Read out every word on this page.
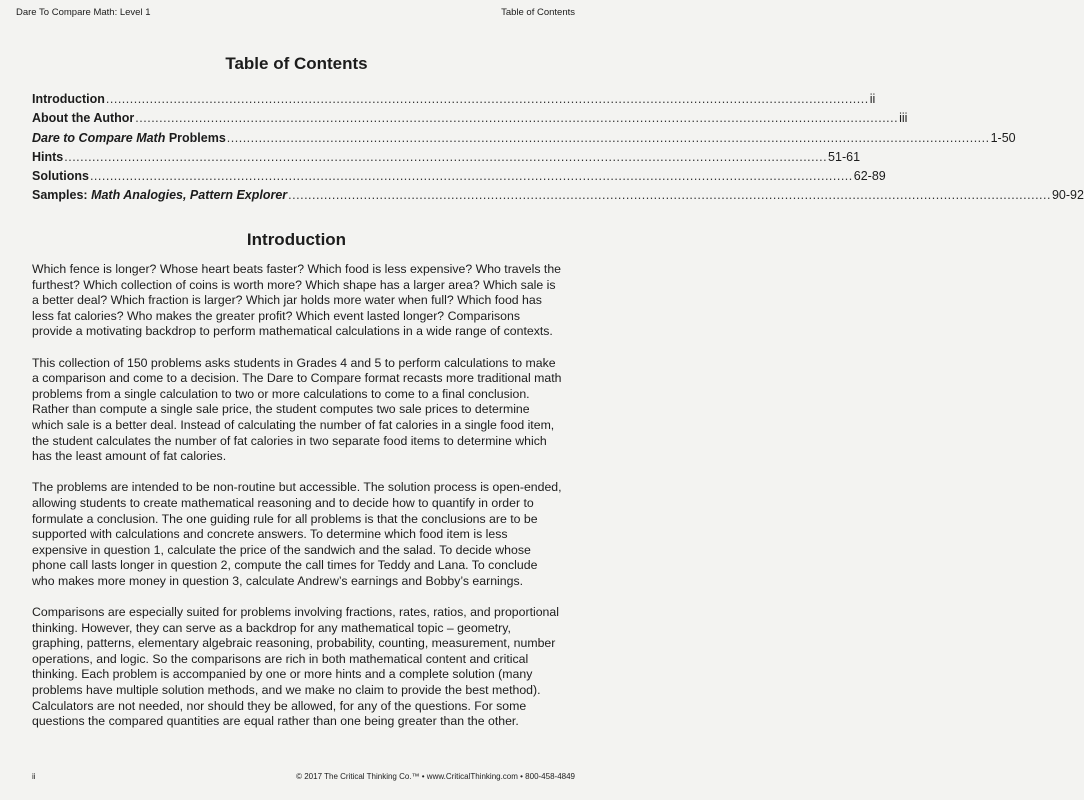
Dare To Compare Math: Level 1	Table of Contents
Table of Contents
Introduction ................................................................................................................................................................................................ ii
About the Author ................................................................................................................................................................................................ iii
Dare to Compare Math Problems ................................................................................................................................................................................................ 1-50
Hints ................................................................................................................................................................................................ 51-61
Solutions ................................................................................................................................................................................................ 62-89
Samples: Math Analogies, Pattern Explorer ................................................................................................................................................................................................ 90-92
Introduction

Which fence is longer? Whose heart beats faster? Which food is less expensive? Who travels the furthest? Which collection of coins is worth more? Which shape has a larger area? Which sale is a better deal? Which fraction is larger? Which jar holds more water when full? Which food has less fat calories? Who makes the greater profit? Which event lasted longer? Comparisons provide a motivating backdrop to perform mathematical calculations in a wide range of contexts.

This collection of 150 problems asks students in Grades 4 and 5 to perform calculations to make a comparison and come to a decision. The Dare to Compare format recasts more traditional math problems from a single calculation to two or more calculations to come to a final conclusion. Rather than compute a single sale price, the student computes two sale prices to determine which sale is a better deal. Instead of calculating the number of fat calories in a single food item, the student calculates the number of fat calories in two separate food items to determine which has the least amount of fat calories.

The problems are intended to be non-routine but accessible. The solution process is open-ended, allowing students to create mathematical reasoning and to decide how to quantify in order to formulate a conclusion. The one guiding rule for all problems is that the conclusions are to be supported with calculations and concrete answers. To determine which food item is less expensive in question 1, calculate the price of the sandwich and the salad. To decide whose phone call lasts longer in question 2, compute the call times for Teddy and Lana. To conclude who makes more money in question 3, calculate Andrew’s earnings and Bobby’s earnings.

Comparisons are especially suited for problems involving fractions, rates, ratios, and proportional thinking. However, they can serve as a backdrop for any mathematical topic – geometry, graphing, patterns, elementary algebraic reasoning, probability, counting, measurement, number operations, and logic. So the comparisons are rich in both mathematical content and critical thinking. Each problem is accompanied by one or more hints and a complete solution (many problems have multiple solution methods, and we make no claim to provide the best method). Calculators are not needed, nor should they be allowed, for any of the questions. For some questions the compared quantities are equal rather than one being greater than the other.

ii	© 2017 The Critical Thinking Co.™ • www.CriticalThinking.com • 800-458-4849
